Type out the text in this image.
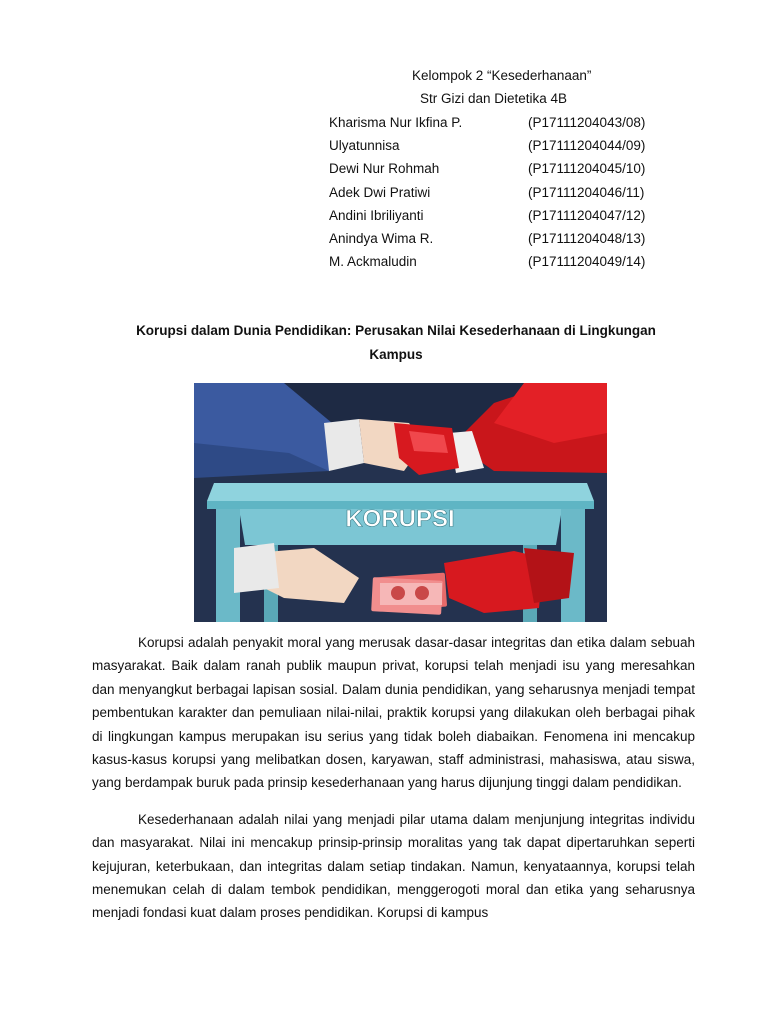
Kelompok 2 “Kesederhanaan”
Str Gizi dan Dietetika 4B
Kharisma Nur Ikfina P.	(P17111204043/08)
Ulyatunnisa	(P17111204044/09)
Dewi Nur Rohmah	(P17111204045/10)
Adek Dwi Pratiwi	(P17111204046/11)
Andini Ibriliyanti	(P17111204047/12)
Anindya Wima R.	(P17111204048/13)
M. Ackmaludin	(P17111204049/14)
Korupsi dalam Dunia Pendidikan: Perusakan Nilai Kesederhanaan di Lingkungan
Kampus
KORUPSI

Korupsi adalah penyakit moral yang merusak dasar-dasar integritas dan etika dalam sebuah masyarakat. Baik dalam ranah publik maupun privat, korupsi telah menjadi isu yang meresahkan dan menyangkut berbagai lapisan sosial. Dalam dunia pendidikan, yang seharusnya menjadi tempat pembentukan karakter dan pemuliaan nilai-nilai, praktik korupsi yang dilakukan oleh berbagai pihak di lingkungan kampus merupakan isu serius yang tidak boleh diabaikan. Fenomena ini mencakup kasus-kasus korupsi yang melibatkan dosen, karyawan, staff administrasi, mahasiswa, atau siswa, yang berdampak buruk pada prinsip kesederhanaan yang harus dijunjung tinggi dalam pendidikan.

Kesederhanaan adalah nilai yang menjadi pilar utama dalam menjunjung integritas individu dan masyarakat. Nilai ini mencakup prinsip-prinsip moralitas yang tak dapat dipertaruhkan seperti kejujuran, keterbukaan, dan integritas dalam setiap tindakan. Namun, kenyataannya, korupsi telah menemukan celah di dalam tembok pendidikan, menggerogoti moral dan etika yang seharusnya menjadi fondasi kuat dalam proses pendidikan. Korupsi di kampus
